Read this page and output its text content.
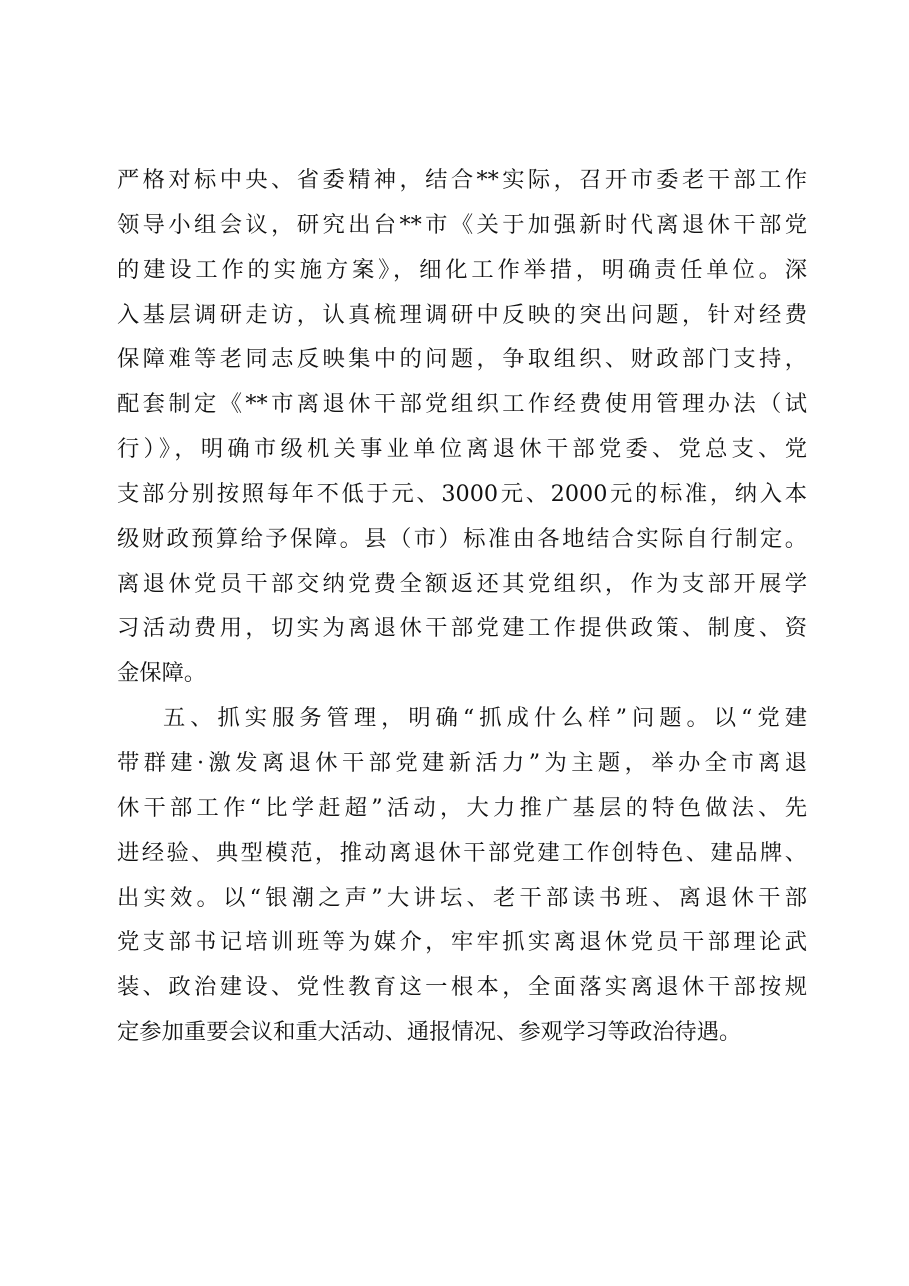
严格对标中央、省委精神，结合**实际，召开市委老干部工作
领导小组会议，研究出台**市《关于加强新时代离退休干部党
的建设工作的实施方案》，细化工作举措，明确责任单位。深
入基层调研走访，认真梳理调研中反映的突出问题，针对经费
保障难等老同志反映集中的问题，争取组织、财政部门支持，
配套制定《**市离退休干部党组织工作经费使用管理办法（试
行）》，明确市级机关事业单位离退休干部党委、党总支、党
支部分别按照每年不低于元、3000元、2000元的标准，纳入本
级财政预算给予保障。县（市）标准由各地结合实际自行制定。
离退休党员干部交纳党费全额返还其党组织，作为支部开展学
习活动费用，切实为离退休干部党建工作提供政策、制度、资
金保障。
五、抓实服务管理，明确“抓成什么样”问题。以“党建
带群建·激发离退休干部党建新活力”为主题，举办全市离退
休干部工作“比学赶超”活动，大力推广基层的特色做法、先
进经验、典型模范，推动离退休干部党建工作创特色、建品牌、
出实效。以“银潮之声”大讲坛、老干部读书班、离退休干部
党支部书记培训班等为媒介，牢牢抓实离退休党员干部理论武
装、政治建设、党性教育这一根本，全面落实离退休干部按规
定参加重要会议和重大活动、通报情况、参观学习等政治待遇。
